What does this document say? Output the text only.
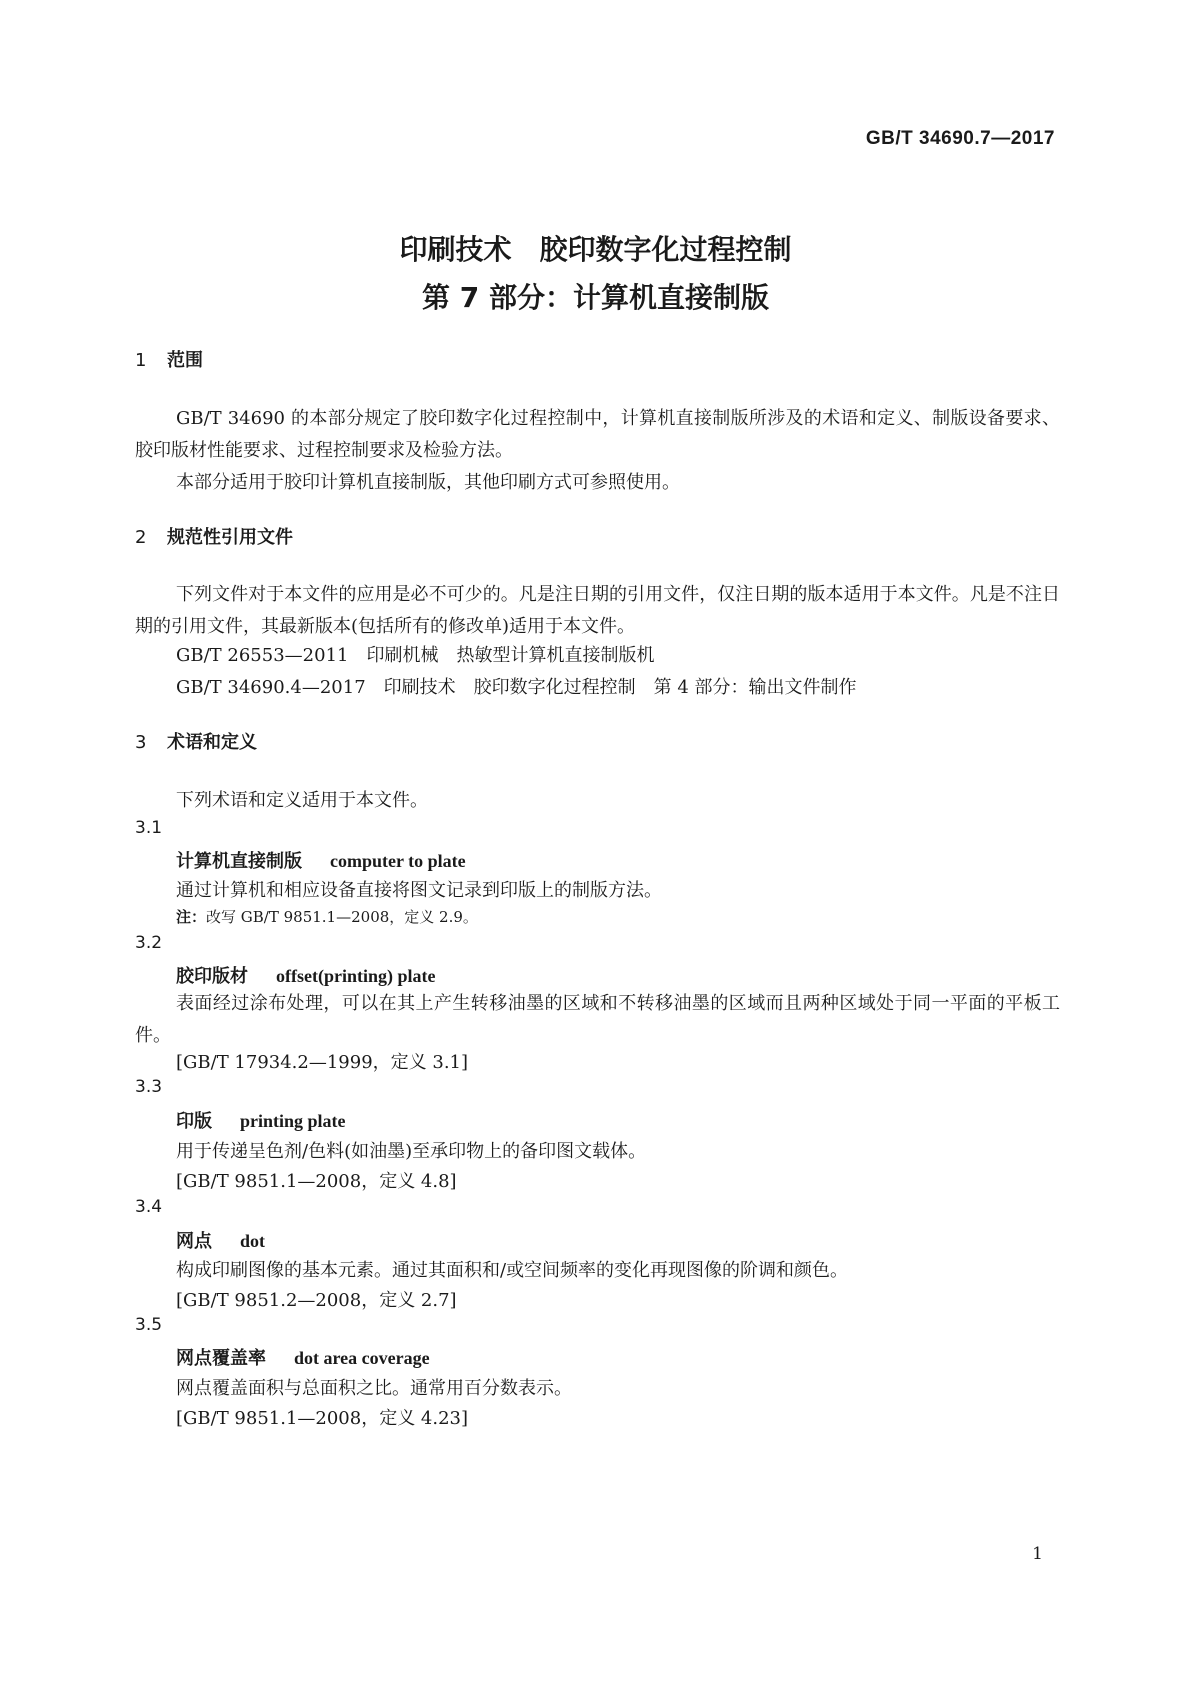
GB/T 34690.7—2017
印刷技术　胶印数字化过程控制
第 7 部分：计算机直接制版
1 范围
GB/T 34690 的本部分规定了胶印数字化过程控制中，计算机直接制版所涉及的术语和定义、制版设备要求、胶印版材性能要求、过程控制要求及检验方法。
本部分适用于胶印计算机直接制版，其他印刷方式可参照使用。
2 规范性引用文件
下列文件对于本文件的应用是必不可少的。凡是注日期的引用文件，仅注日期的版本适用于本文件。凡是不注日期的引用文件，其最新版本(包括所有的修改单)适用于本文件。
GB/T 26553—2011　印刷机械　热敏型计算机直接制版机
GB/T 34690.4—2017　印刷技术　胶印数字化过程控制　第 4 部分：输出文件制作
3 术语和定义
下列术语和定义适用于本文件。
3.1
计算机直接制版 computer to plate
通过计算机和相应设备直接将图文记录到印版上的制版方法。
注：改写 GB/T 9851.1—2008，定义 2.9。
3.2
胶印版材 offset(printing) plate
表面经过涂布处理，可以在其上产生转移油墨的区域和不转移油墨的区域而且两种区域处于同一平面的平板工件。
[GB/T 17934.2—1999，定义 3.1]
3.3
印版 printing plate
用于传递呈色剂/色料(如油墨)至承印物上的备印图文载体。
[GB/T 9851.1—2008，定义 4.8]
3.4
网点 dot
构成印刷图像的基本元素。通过其面积和/或空间频率的变化再现图像的阶调和颜色。
[GB/T 9851.2—2008，定义 2.7]
3.5
网点覆盖率 dot area coverage
网点覆盖面积与总面积之比。通常用百分数表示。
[GB/T 9851.1—2008，定义 4.23]
1
